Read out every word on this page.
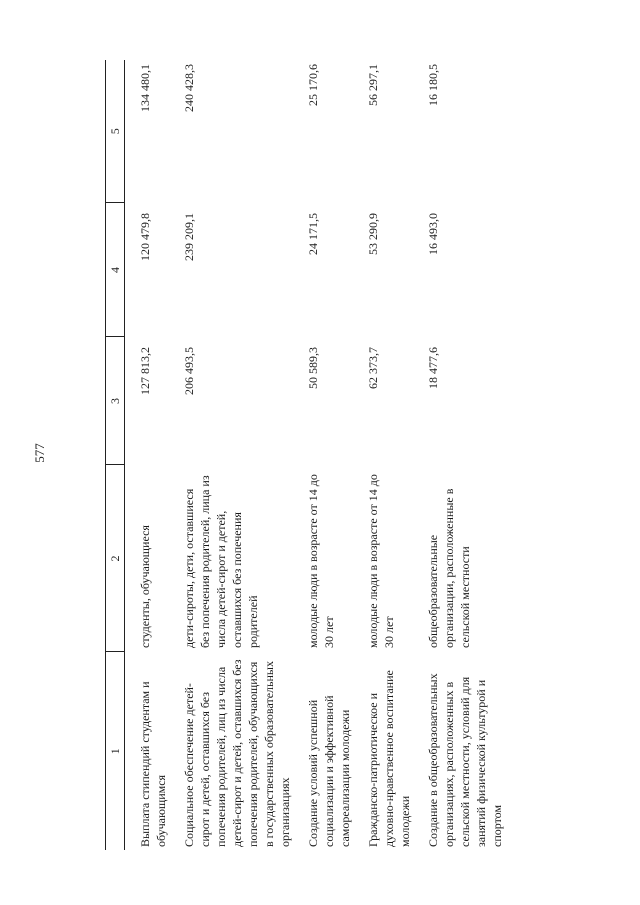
577
1	2	3	4	5
Выплата стипендий студентам и обучающимся	студенты, обучающиеся	127 813,2	120 479,8	134 480,1
Социальное обеспечение детей-сирот и детей, оставшихся без попечения родителей, лиц из числа детей-сирот и детей, оставшихся без попечения родителей, обучающихся в государственных образовательных организациях	дети-сироты, дети, оставшиеся без попечения родителей, лица из числа детей-сирот и детей, оставшихся без попечения родителей	206 493,5	239 209,1	240 428,3
Создание условий успешной социализации и эффективной самореализации молодежи	молодые люди в возрасте от 14 до 30 лет	50 589,3	24 171,5	25 170,6
Гражданско-патриотическое и духовно-нравственное воспитание молодежи	молодые люди в возрасте от 14 до 30 лет	62 373,7	53 290,9	56 297,1
Создание в общеобразовательных организациях, расположенных в сельской местности, условий для занятий физической культурой и спортом	общеобразовательные организации, расположенные в сельской местности	18 477,6	16 493,0	16 180,5
